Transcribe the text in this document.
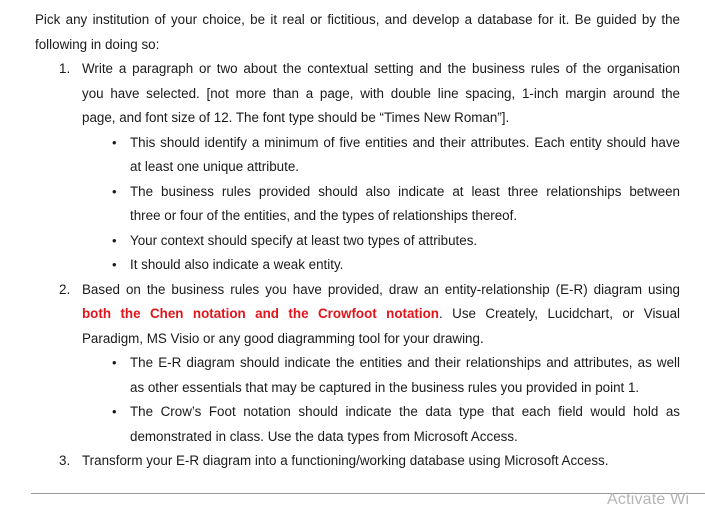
Pick any institution of your choice, be it real or fictitious, and develop a database for it. Be guided by the
following in doing so:
1. Write a paragraph or two about the contextual setting and the business rules of the organisation
you have selected. [not more than a page, with double line spacing, 1-inch margin around the
page, and font size of 12. The font type should be “Times New Roman”].
• This should identify a minimum of five entities and their attributes. Each entity should have
at least one unique attribute.
• The business rules provided should also indicate at least three relationships between
three or four of the entities, and the types of relationships thereof.
• Your context should specify at least two types of attributes.
• It should also indicate a weak entity.
2. Based on the business rules you have provided, draw an entity-relationship (E-R) diagram using
both the Chen notation and the Crowfoot notation. Use Creately, Lucidchart, or Visual
Paradigm, MS Visio or any good diagramming tool for your drawing.
• The E-R diagram should indicate the entities and their relationships and attributes, as well
as other essentials that may be captured in the business rules you provided in point 1.
• The Crow’s Foot notation should indicate the data type that each field would hold as
demonstrated in class. Use the data types from Microsoft Access.
3. Transform your E-R diagram into a functioning/working database using Microsoft Access.
Activate Wi
